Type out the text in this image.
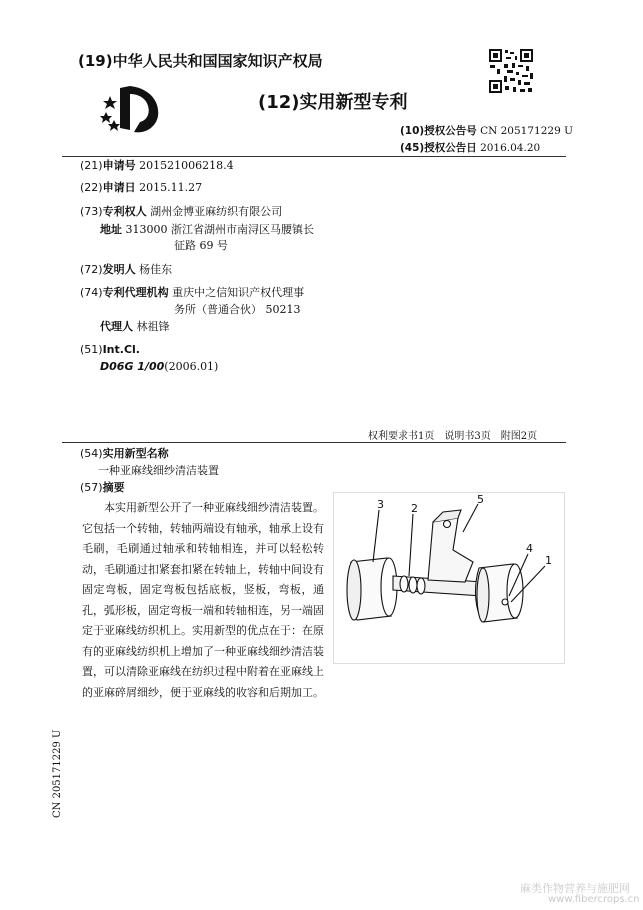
(19)中华人民共和国国家知识产权局
(12)实用新型专利
(10)授权公告号 CN 205171229 U
(45)授权公告日 2016.04.20
(21)申请号 201521006218.4
(22)申请日 2015.11.27
(73)专利权人 湖州金博亚麻纺织有限公司
地址 313000 浙江省湖州市南浔区马腰镇长
征路 69 号
(72)发明人 杨佳东
(74)专利代理机构 重庆中之信知识产权代理事
务所（普通合伙） 50213
代理人 林祖锋
(51)Int.Cl.
D06G 1/00(2006.01)
权利要求书1页　说明书3页　附图2页
(54)实用新型名称
一种亚麻线细纱清洁装置
(57)摘要
本实用新型公开了一种亚麻线细纱清洁装置。它包括一个转轴，转轴两端设有轴承，轴承上设有毛刷，毛刷通过轴承和转轴相连，并可以轻松转动，毛刷通过扣紧套扣紧在转轴上，转轴中间设有固定弯板，固定弯板包括底板，竖板，弯板，通孔，弧形板，固定弯板一端和转轴相连，另一端固定于亚麻线纺织机上。实用新型的优点在于：在原有的亚麻线纺织机上增加了一种亚麻线细纱清洁装置，可以清除亚麻线在纺织过程中附着在亚麻线上的亚麻碎屑细纱，便于亚麻线的收容和后期加工。
3 2
5
4
1
CN 205171229 U
麻类作物营养与施肥网
www.fibercrops.cn
